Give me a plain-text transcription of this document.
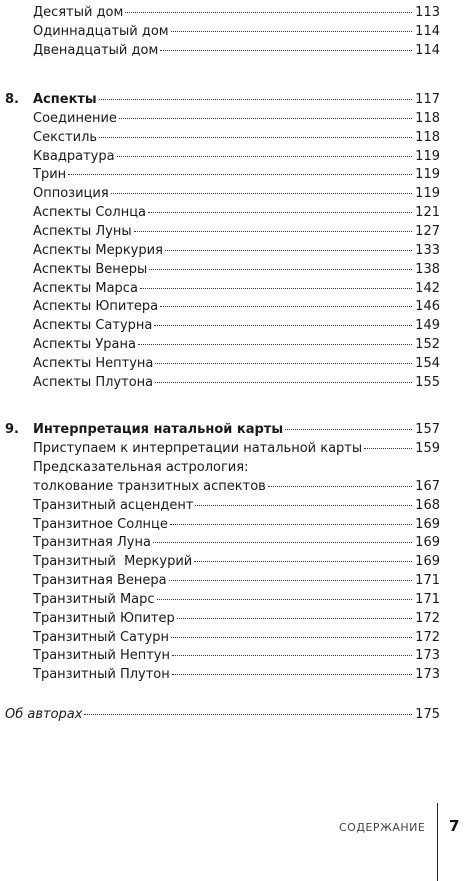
Десятый дом	113
Одиннадцатый дом	114
Двенадцатый дом	114
8. Аспекты	117
Соединение	118
Секстиль	118
Квадратура	119
Трин	119
Оппозиция	119
Аспекты Солнца	121
Аспекты Луны	127
Аспекты Меркурия	133
Аспекты Венеры	138
Аспекты Марса	142
Аспекты Юпитера	146
Аспекты Сатурна	149
Аспекты Урана	152
Аспекты Нептуна	154
Аспекты Плутона	155
9. Интерпретация натальной карты	157
Приступаем к интерпретации натальной карты	159
Предсказательная астрология:
толкование транзитных аспектов	167
Транзитный асцендент	168
Транзитное Солнце	169
Транзитная Луна	169
Транзитный  Меркурий	169
Транзитная Венера	171
Транзитный Марс	171
Транзитный Юпитер	172
Транзитный Сатурн	172
Транзитный Нептун	173
Транзитный Плутон	173
Об авторах	175
СОДЕРЖАНИЕ 7
